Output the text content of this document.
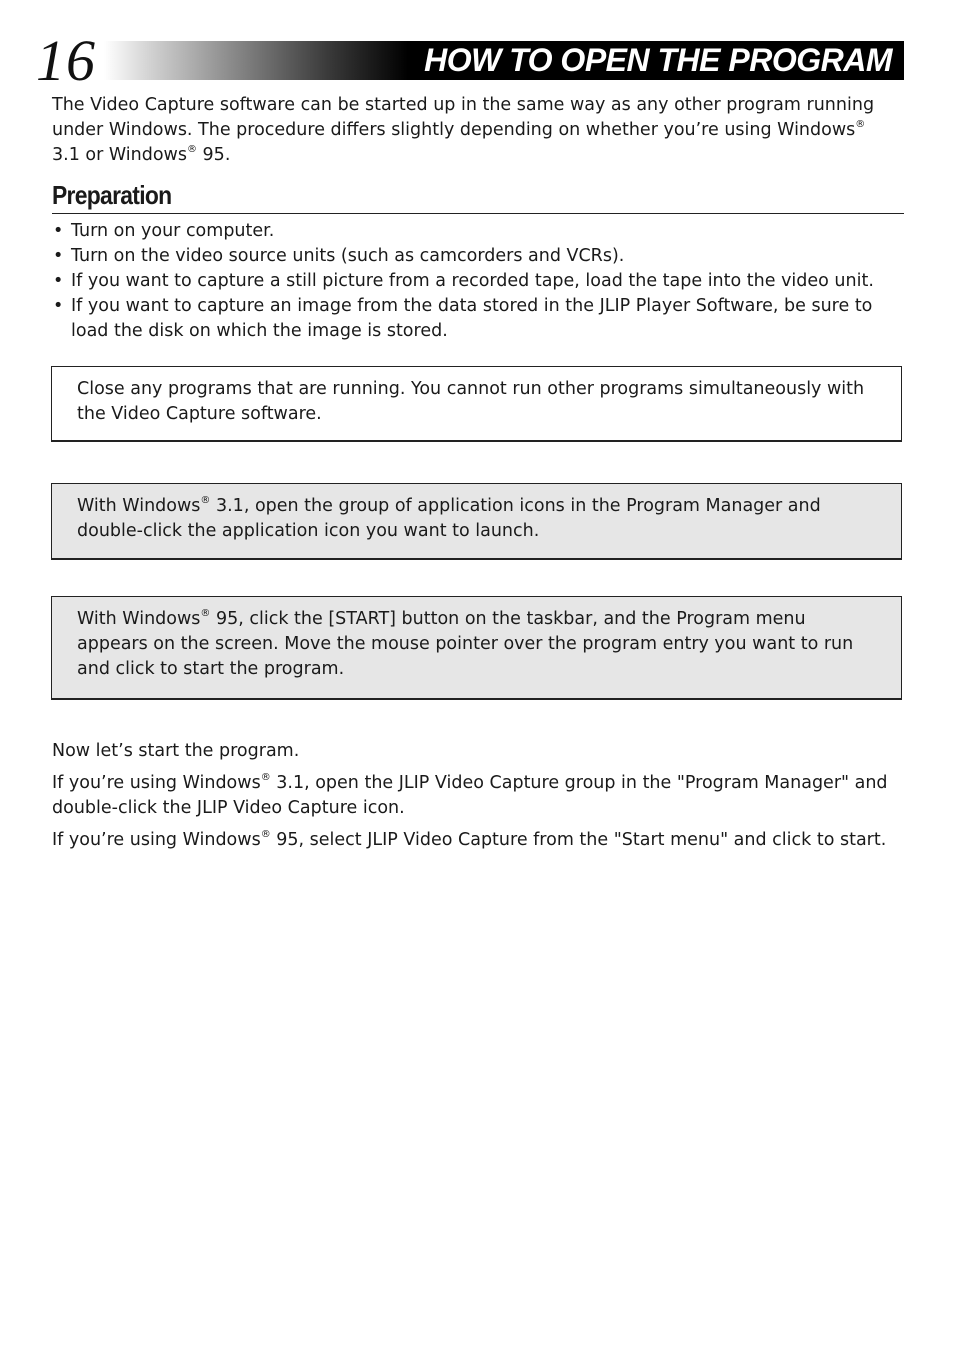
16	HOW TO OPEN THE PROGRAM

The Video Capture software can be started up in the same way as any other program running under Windows. The procedure differs slightly depending on whether you’re using Windows®
3.1 or Windows® 95.

Preparation
• Turn on your computer.
• Turn on the video source units (such as camcorders and VCRs).
• If you want to capture a still picture from a recorded tape, load the tape into the video unit.
• If you want to capture an image from the data stored in the JLIP Player Software, be sure to load the disk on which the image is stored.

Close any programs that are running. You cannot run other programs simultaneously with the Video Capture software.

With Windows® 3.1, open the group of application icons in the Program Manager and double-click the application icon you want to launch.

With Windows® 95, click the [START] button on the taskbar, and the Program menu appears on the screen. Move the mouse pointer over the program entry you want to run and click to start the program.

Now let’s start the program.

If you’re using Windows® 3.1, open the JLIP Video Capture group in the "Program Manager" and double-click the JLIP Video Capture icon.

If you’re using Windows® 95, select JLIP Video Capture from the "Start menu" and click to start.
